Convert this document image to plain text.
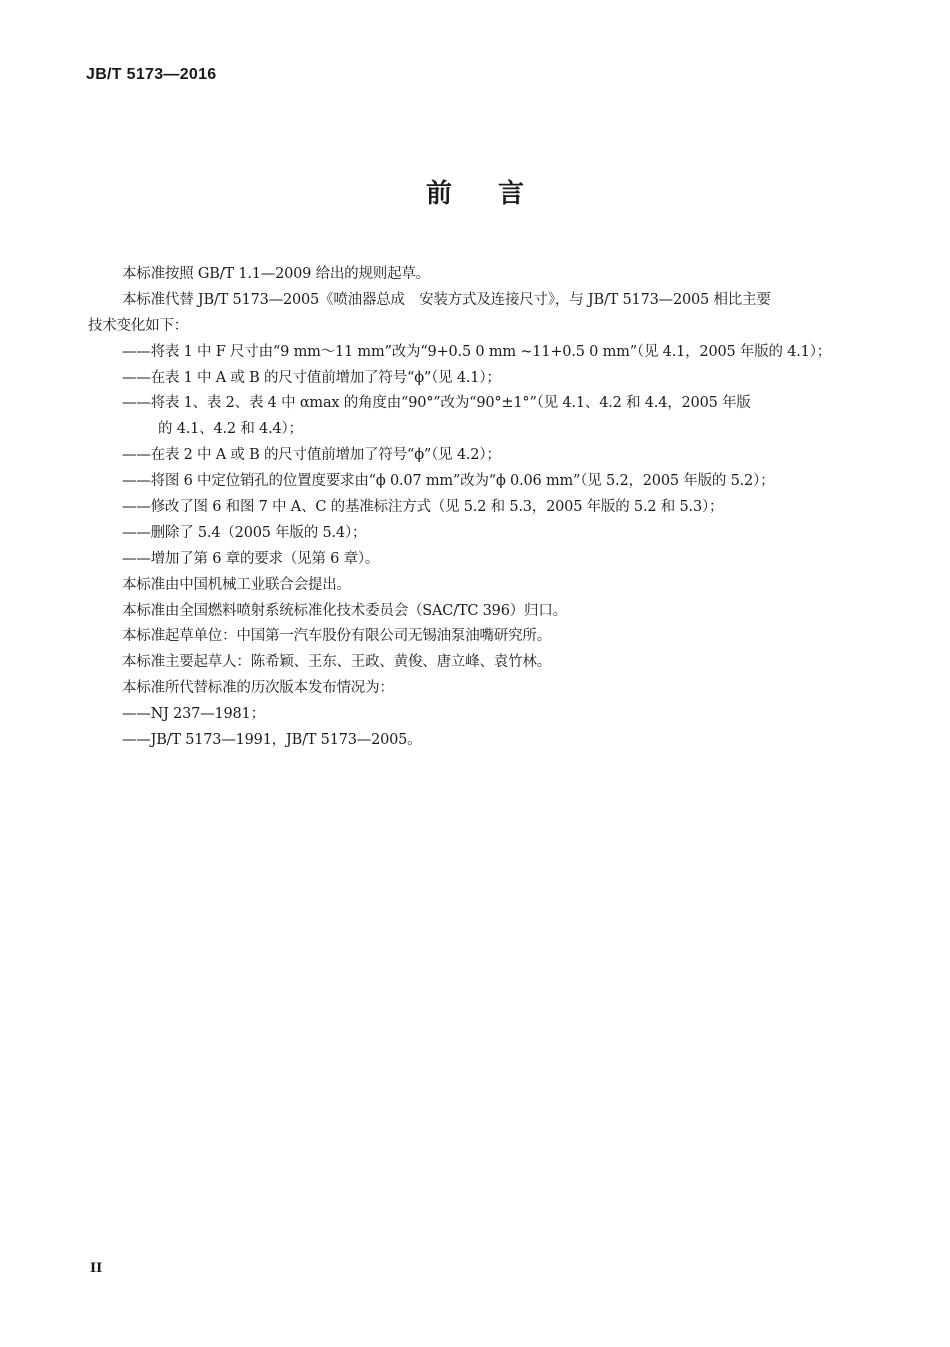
JB/T 5173—2016
前言
本标准按照 GB/T 1.1—2009 给出的规则起草。
本标准代替 JB/T 5173—2005《喷油器总成　安装方式及连接尺寸》，与 JB/T 5173—2005 相比主要
技术变化如下：
——将表 1 中 F 尺寸由“9 mm～11 mm”改为“9+0.5 0 mm ~11+0.5 0 mm”（见 4.1，2005 年版的 4.1）；
——在表 1 中 A 或 B 的尺寸值前增加了符号“ϕ”（见 4.1）；
——将表 1、表 2、表 4 中 αmax 的角度由“90°”改为“90°±1°”（见 4.1、4.2 和 4.4，2005 年版
的 4.1、4.2 和 4.4）；
——在表 2 中 A 或 B 的尺寸值前增加了符号“ϕ”（见 4.2）；
——将图 6 中定位销孔的位置度要求由“ϕ 0.07 mm”改为“ϕ 0.06 mm”（见 5.2，2005 年版的 5.2）；
——修改了图 6 和图 7 中 A、C 的基准标注方式（见 5.2 和 5.3，2005 年版的 5.2 和 5.3）；
——删除了 5.4（2005 年版的 5.4）；
——增加了第 6 章的要求（见第 6 章）。
本标准由中国机械工业联合会提出。
本标准由全国燃料喷射系统标准化技术委员会（SAC/TC 396）归口。
本标准起草单位：中国第一汽车股份有限公司无锡油泵油嘴研究所。
本标准主要起草人：陈希颖、王东、王政、黄俊、唐立峰、袁竹林。
本标准所代替标准的历次版本发布情况为：
——NJ 237—1981；
——JB/T 5173—1991，JB/T 5173—2005。
II
